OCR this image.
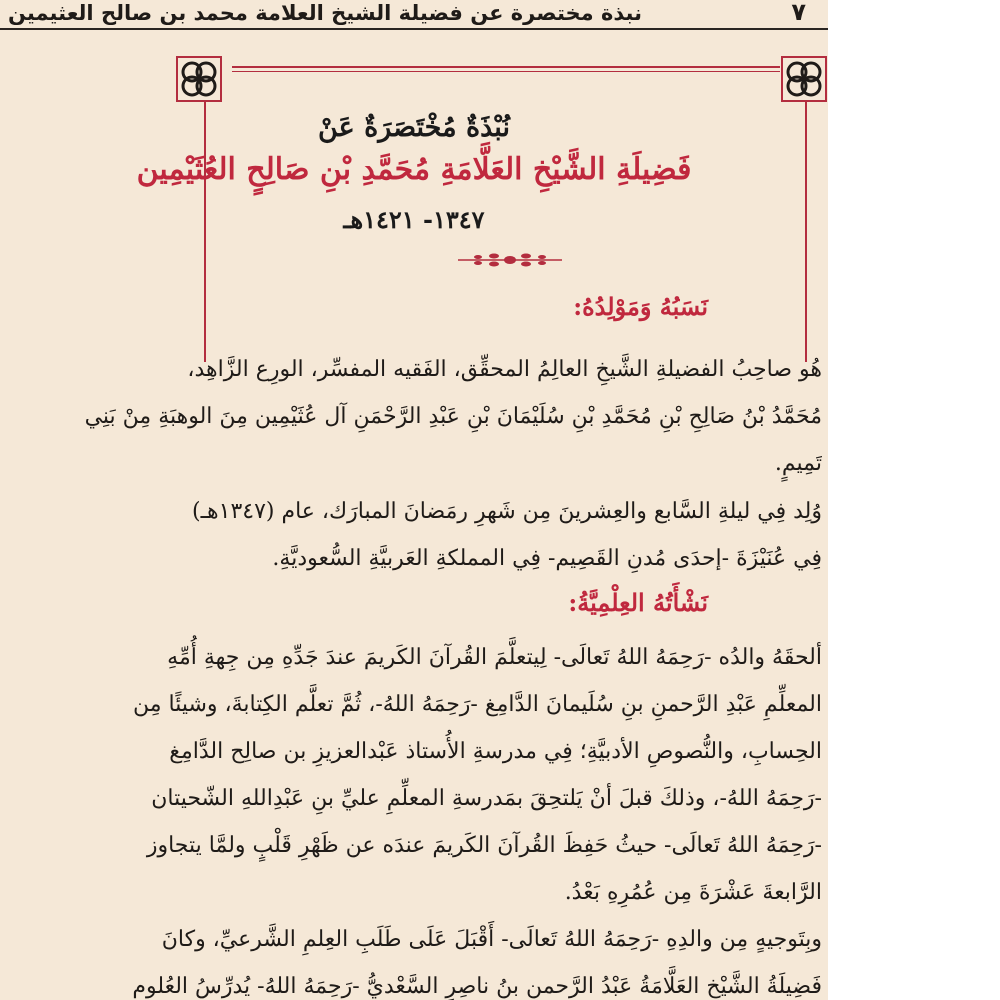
٧
نبذة مختصرة عن فضيلة الشيخ العلامة محمد بن صالح العثيمين
نُبْذَةٌ مُخْتَصَرَةٌ عَنْ
فَضِيلَةِ الشَّيْخِ العَلَّامَةِ مُحَمَّدِ بْنِ صَالِحٍ العُثَيْمِين
١٣٤٧- ١٤٢١هـ
نَسَبُهُ وَمَوْلِدُهُ:
هُو صاحِبُ الفضيلةِ الشَّيخِ العالِمُ المحقِّق، الفَقيه المفسِّر، الورِع الزَّاهِد،
مُحَمَّدُ بْنُ صَالِحِ بْنِ مُحَمَّدِ بْنِ سُلَيْمَانَ بْنِ عَبْدِ الرَّحْمَنِ آل عُثَيْمِين مِنَ الوهبَةِ مِنْ بَنِي
تَمِيمٍ.
وُلِد فِي ليلةِ السَّابع والعِشرينَ مِن شَهرِ رمَضانَ المبارَك، عام (١٣٤٧هـ)
فِي عُنَيْزَةَ -إحدَى مُدنِ القَصِيم- فِي المملكةِ العَربيَّةِ السُّعوديَّةِ.
نَشْأَتُهُ العِلْمِيَّةُ:
ألحقَهُ والدُه -رَحِمَهُ اللهُ تَعالَى- لِيتعلَّمَ القُرآنَ الكَريمَ عندَ جَدِّهِ مِن جِهةِ أُمِّهِ
المعلِّمِ عَبْدِ الرَّحمنِ بنِ سُلَيمانَ الدَّامِغ -رَحِمَهُ اللهُ-، ثُمَّ تعلَّم الكِتابةَ، وشيئًا مِن
الحِسابِ، والنُّصوصِ الأدبيَّةِ؛ فِي مدرسةِ الأُستاذ عَبْدالعزيزِ بن صالِح الدَّامِغ
-رَحِمَهُ اللهُ-، وذلكَ قبلَ أنْ يَلتحِقَ بمَدرسةِ المعلِّمِ عليِّ بنِ عَبْدِاللهِ الشّحيتان
-رَحِمَهُ اللهُ تَعالَى- حيثُ حَفِظَ القُرآنَ الكَريمَ عندَه عن ظَهْرِ قَلْبٍ ولمَّا يتجاوز
الرَّابعةَ عَشْرَةَ مِن عُمُرِهِ بَعْدُ.
وبِتَوجيهٍ مِن والدِهِ -رَحِمَهُ اللهُ تَعالَى- أَقْبَلَ عَلَى طَلَبِ العِلمِ الشَّرعيِّ، وكانَ
فَضِيلَةُ الشَّيْخِ العَلَّامَةُ عَبْدُ الرَّحمنِ بنُ ناصِرٍ السَّعْديُّ -رَحِمَهُ اللهُ- يُدرِّسُ العُلوم
